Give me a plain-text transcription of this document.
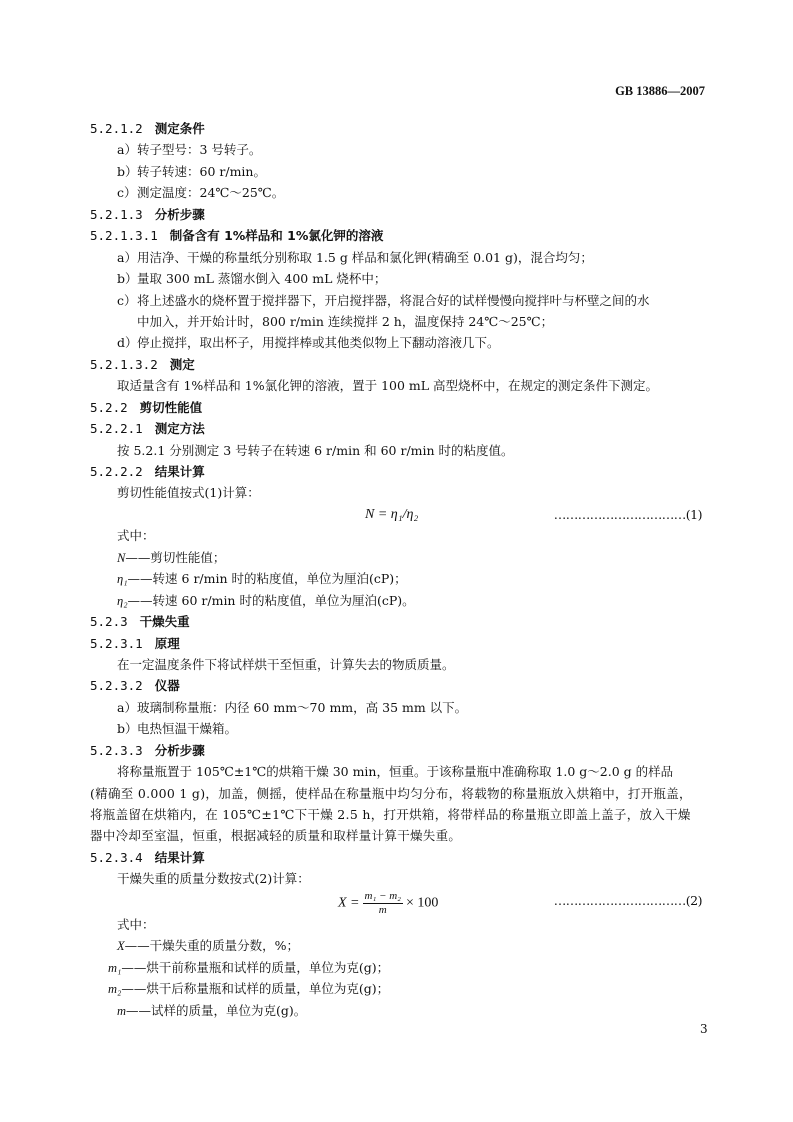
GB 13886—2007
5.2.1.2 测定条件
a）转子型号：3 号转子。
b）转子转速：60 r/min。
c）测定温度：24℃～25℃。
5.2.1.3 分析步骤
5.2.1.3.1 制备含有 1%样品和 1%氯化钾的溶液
a）用洁净、干燥的称量纸分别称取 1.5 g 样品和氯化钾(精确至 0.01 g)，混合均匀；
b）量取 300 mL 蒸馏水倒入 400 mL 烧杯中；
c）将上述盛水的烧杯置于搅拌器下，开启搅拌器，将混合好的试样慢慢向搅拌叶与杯壁之间的水
中加入，并开始计时，800 r/min 连续搅拌 2 h，温度保持 24℃～25℃；
d）停止搅拌，取出杯子，用搅拌棒或其他类似物上下翻动溶液几下。
5.2.1.3.2 测定
取适量含有 1%样品和 1%氯化钾的溶液，置于 100 mL 高型烧杯中，在规定的测定条件下测定。
5.2.2 剪切性能值
5.2.2.1 测定方法
按 5.2.1 分别测定 3 号转子在转速 6 r/min 和 60 r/min 时的粘度值。
5.2.2.2 结果计算
剪切性能值按式(1)计算：
N = η₁/η₂	……………………………(1)
式中：
N——剪切性能值；
η₁——转速 6 r/min 时的粘度值，单位为厘泊(cP)；
η₂——转速 60 r/min 时的粘度值，单位为厘泊(cP)。
5.2.3 干燥失重
5.2.3.1 原理
在一定温度条件下将试样烘干至恒重，计算失去的物质质量。
5.2.3.2 仪器
a）玻璃制称量瓶：内径 60 mm～70 mm，高 35 mm 以下。
b）电热恒温干燥箱。
5.2.3.3 分析步骤
将称量瓶置于 105℃±1℃的烘箱干燥 30 min，恒重。于该称量瓶中准确称取 1.0 g～2.0 g 的样品
(精确至 0.000 1 g)，加盖，侧摇，使样品在称量瓶中均匀分布，将载物的称量瓶放入烘箱中，打开瓶盖，
将瓶盖留在烘箱内，在 105℃±1℃下干燥 2.5 h，打开烘箱，将带样品的称量瓶立即盖上盖子，放入干燥
器中冷却至室温，恒重，根据减轻的质量和取样量计算干燥失重。
5.2.3.4 结果计算
干燥失重的质量分数按式(2)计算：
$X = \frac{\text{m₁ − m₂}}{m} \times 100$	……………………………(2)
式中：
X——干燥失重的质量分数，%；
m₁——烘干前称量瓶和试样的质量，单位为克(g)；
m₂——烘干后称量瓶和试样的质量，单位为克(g)；
m——试样的质量，单位为克(g)。
3
